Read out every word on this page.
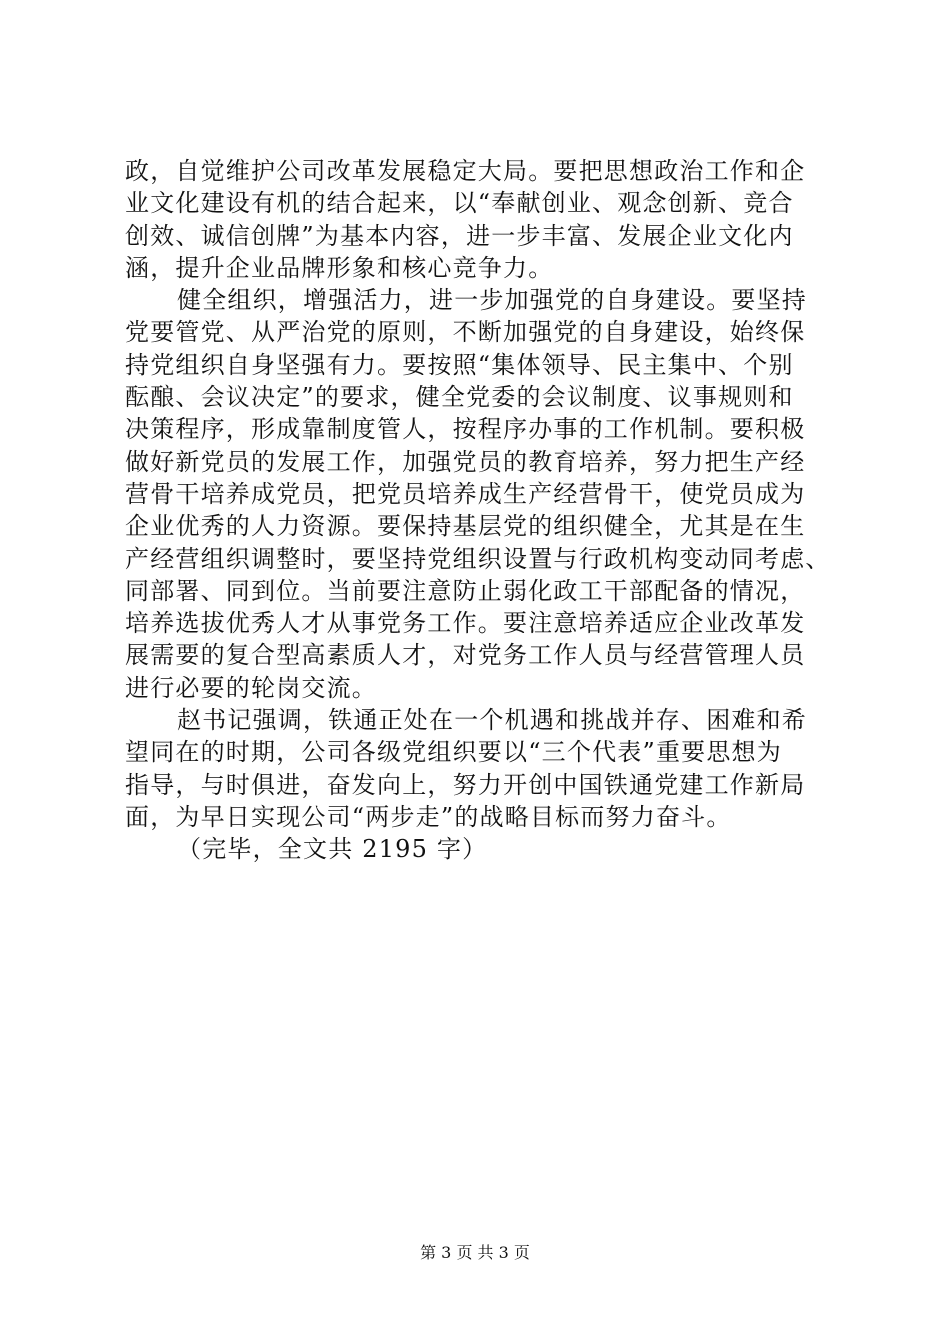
政，自觉维护公司改革发展稳定大局。要把思想政治工作和企
业文化建设有机的结合起来，以“奉献创业、观念创新、竞合
创效、诚信创牌”为基本内容，进一步丰富、发展企业文化内
涵，提升企业品牌形象和核心竞争力。
健全组织，增强活力，进一步加强党的自身建设。要坚持
党要管党、从严治党的原则，不断加强党的自身建设，始终保
持党组织自身坚强有力。要按照“集体领导、民主集中、个别
酝酿、会议决定”的要求，健全党委的会议制度、议事规则和
决策程序，形成靠制度管人，按程序办事的工作机制。要积极
做好新党员的发展工作，加强党员的教育培养，努力把生产经
营骨干培养成党员，把党员培养成生产经营骨干，使党员成为
企业优秀的人力资源。要保持基层党的组织健全，尤其是在生
产经营组织调整时，要坚持党组织设置与行政机构变动同考虑、
同部署、同到位。当前要注意防止弱化政工干部配备的情况，
培养选拔优秀人才从事党务工作。要注意培养适应企业改革发
展需要的复合型高素质人才，对党务工作人员与经营管理人员
进行必要的轮岗交流。
赵书记强调，铁通正处在一个机遇和挑战并存、困难和希
望同在的时期，公司各级党组织要以“三个代表”重要思想为
指导，与时俱进，奋发向上，努力开创中国铁通党建工作新局
面，为早日实现公司“两步走”的战略目标而努力奋斗。
（完毕，全文共 2195 字）
第 3 页 共 3 页
